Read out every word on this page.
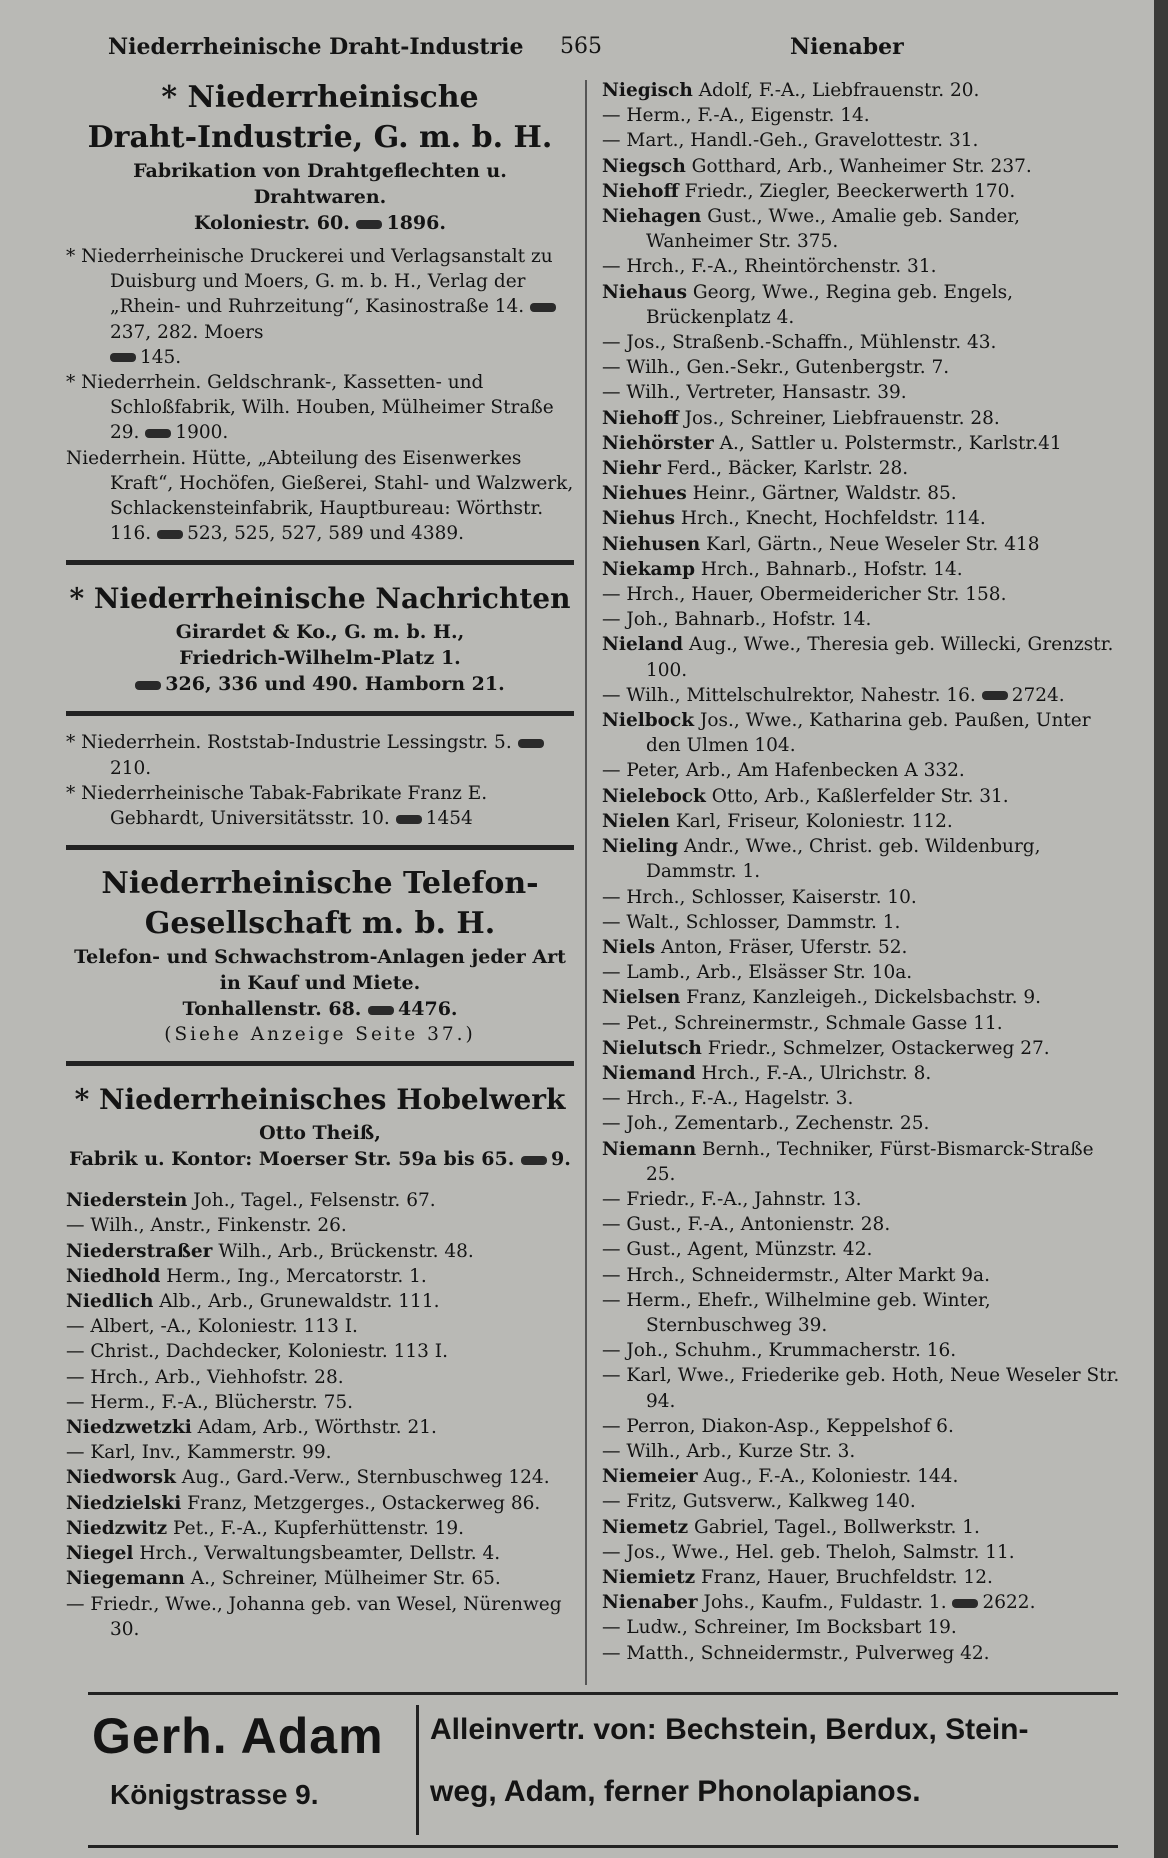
Niederrheinische Draht-Industrie 565	Nienaber
* Niederrheinische
Draht-Industrie, G. m. b. H.
Fabrikation von Drahtgeflechten u. Drahtwaren.
Koloniestr. 60. 1896.
* Niederrheinische Druckerei und Verlagsanstalt zu Duisburg und Moers, G. m. b. H., Verlag der „Rhein- und Ruhrzeitung“, Kasinostraße 14. 237, 282. Moers
145.
* Niederrhein. Geldschrank-, Kassetten- und Schloßfabrik, Wilh. Houben, Mülheimer Straße 29. 1900.
Niederrhein. Hütte, „Abteilung des Eisenwerkes Kraft“, Hochöfen, Gießerei, Stahl- und Walzwerk, Schlackensteinfabrik, Hauptbureau: Wörthstr. 116. 523, 525, 527, 589 und 4389.
* Niederrheinische Nachrichten
Girardet & Ko., G. m. b. H.,
Friedrich-Wilhelm-Platz 1.
326, 336 und 490. Hamborn 21.
* Niederrhein. Roststab-Industrie Lessingstr. 5. 210.
* Niederrheinische Tabak-Fabrikate Franz E. Gebhardt, Universitätsstr. 10. 1454
Niederrheinische Telefon-
Gesellschaft m. b. H.
Telefon- und Schwachstrom-Anlagen jeder Art
in Kauf und Miete.
Tonhallenstr. 68. 4476.
(Siehe Anzeige Seite 37.)
* Niederrheinisches Hobelwerk
Otto Theiß,
Fabrik u. Kontor: Moerser Str. 59a bis 65. 9.
Niederstein Joh., Tagel., Felsenstr. 67.
— Wilh., Anstr., Finkenstr. 26.
Niederstraßer Wilh., Arb., Brückenstr. 48.
Niedhold Herm., Ing., Mercatorstr. 1.
Niedlich Alb., Arb., Grunewaldstr. 111.
— Albert, -A., Koloniestr. 113 I.
— Christ., Dachdecker, Koloniestr. 113 I.
— Hrch., Arb., Viehhofstr. 28.
— Herm., F.-A., Blücherstr. 75.
Niedzwetzki Adam, Arb., Wörthstr. 21.
— Karl, Inv., Kammerstr. 99.
Niedworsk Aug., Gard.-Verw., Sternbuschweg 124.
Niedzielski Franz, Metzgerges., Ostackerweg 86.
Niedzwitz Pet., F.-A., Kupferhüttenstr. 19.
Niegel Hrch., Verwaltungsbeamter, Dellstr. 4.
Niegemann A., Schreiner, Mülheimer Str. 65.
— Friedr., Wwe., Johanna geb. van Wesel, Nürenweg 30.
Niegisch Adolf, F.-A., Liebfrauenstr. 20.
— Herm., F.-A., Eigenstr. 14.
— Mart., Handl.-Geh., Gravelottestr. 31.
Niegsch Gotthard, Arb., Wanheimer Str. 237.
Niehoff Friedr., Ziegler, Beeckerwerth 170.
Niehagen Gust., Wwe., Amalie geb. Sander, Wanheimer Str. 375.
— Hrch., F.-A., Rheintörchenstr. 31.
Niehaus Georg, Wwe., Regina geb. Engels, Brückenplatz 4.
— Jos., Straßenb.-Schaffn., Mühlenstr. 43.
— Wilh., Gen.-Sekr., Gutenbergstr. 7.
— Wilh., Vertreter, Hansastr. 39.
Niehoff Jos., Schreiner, Liebfrauenstr. 28.
Niehörster A., Sattler u. Polstermstr., Karlstr.41
Niehr Ferd., Bäcker, Karlstr. 28.
Niehues Heinr., Gärtner, Waldstr. 85.
Niehus Hrch., Knecht, Hochfeldstr. 114.
Niehusen Karl, Gärtn., Neue Weseler Str. 418
Niekamp Hrch., Bahnarb., Hofstr. 14.
— Hrch., Hauer, Obermeidericher Str. 158.
— Joh., Bahnarb., Hofstr. 14.
Nieland Aug., Wwe., Theresia geb. Willecki, Grenzstr. 100.
— Wilh., Mittelschulrektor, Nahestr. 16. 2724.
Nielbock Jos., Wwe., Katharina geb. Paußen, Unter den Ulmen 104.
— Peter, Arb., Am Hafenbecken A 332.
Nielebock Otto, Arb., Kaßlerfelder Str. 31.
Nielen Karl, Friseur, Koloniestr. 112.
Nieling Andr., Wwe., Christ. geb. Wildenburg, Dammstr. 1.
— Hrch., Schlosser, Kaiserstr. 10.
— Walt., Schlosser, Dammstr. 1.
Niels Anton, Fräser, Uferstr. 52.
— Lamb., Arb., Elsässer Str. 10a.
Nielsen Franz, Kanzleigeh., Dickelsbachstr. 9.
— Pet., Schreinermstr., Schmale Gasse 11.
Nielutsch Friedr., Schmelzer, Ostackerweg 27.
Niemand Hrch., F.-A., Ulrichstr. 8.
— Hrch., F.-A., Hagelstr. 3.
— Joh., Zementarb., Zechenstr. 25.
Niemann Bernh., Techniker, Fürst-Bismarck-Straße 25.
— Friedr., F.-A., Jahnstr. 13.
— Gust., F.-A., Antonienstr. 28.
— Gust., Agent, Münzstr. 42.
— Hrch., Schneidermstr., Alter Markt 9a.
— Herm., Ehefr., Wilhelmine geb. Winter, Sternbuschweg 39.
— Joh., Schuhm., Krummacherstr. 16.
— Karl, Wwe., Friederike geb. Hoth, Neue Weseler Str. 94.
— Perron, Diakon-Asp., Keppelshof 6.
— Wilh., Arb., Kurze Str. 3.
Niemeier Aug., F.-A., Koloniestr. 144.
— Fritz, Gutsverw., Kalkweg 140.
Niemetz Gabriel, Tagel., Bollwerkstr. 1.
— Jos., Wwe., Hel. geb. Theloh, Salmstr. 11.
Niemietz Franz, Hauer, Bruchfeldstr. 12.
Nienaber Johs., Kaufm., Fuldastr. 1. 2622.
— Ludw., Schreiner, Im Bocksbart 19.
— Matth., Schneidermstr., Pulverweg 42.
Gerh. Adam
Königstrasse 9.
Alleinvertr. von: Bechstein, Berdux, Stein-
weg, Adam, ferner Phonolapianos.
